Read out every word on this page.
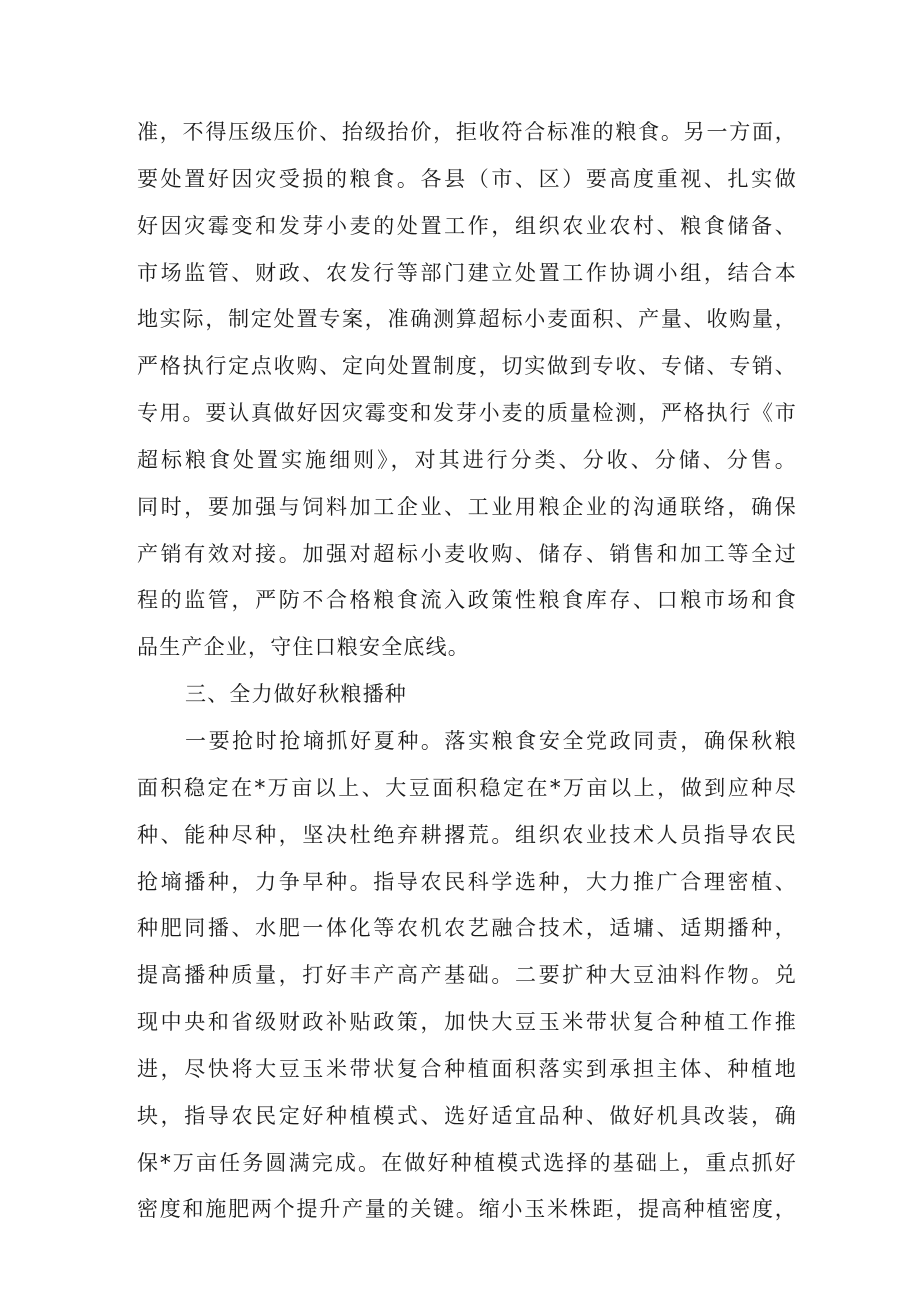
准，不得压级压价、抬级抬价，拒收符合标准的粮食。另一方面，
要处置好因灾受损的粮食。各县（市、区）要高度重视、扎实做
好因灾霉变和发芽小麦的处置工作，组织农业农村、粮食储备、
市场监管、财政、农发行等部门建立处置工作协调小组，结合本
地实际，制定处置专案，准确测算超标小麦面积、产量、收购量，
严格执行定点收购、定向处置制度，切实做到专收、专储、专销、
专用。要认真做好因灾霉变和发芽小麦的质量检测，严格执行《市
超标粮食处置实施细则》，对其进行分类、分收、分储、分售。
同时，要加强与饲料加工企业、工业用粮企业的沟通联络，确保
产销有效对接。加强对超标小麦收购、储存、销售和加工等全过
程的监管，严防不合格粮食流入政策性粮食库存、口粮市场和食
品生产企业，守住口粮安全底线。
三、全力做好秋粮播种
一要抢时抢墒抓好夏种。落实粮食安全党政同责，确保秋粮
面积稳定在*万亩以上、大豆面积稳定在*万亩以上，做到应种尽
种、能种尽种，坚决杜绝弃耕撂荒。组织农业技术人员指导农民
抢墒播种，力争早种。指导农民科学选种，大力推广合理密植、
种肥同播、水肥一体化等农机农艺融合技术，适墉、适期播种，
提高播种质量，打好丰产高产基础。二要扩种大豆油料作物。兑
现中央和省级财政补贴政策，加快大豆玉米带状复合种植工作推
进，尽快将大豆玉米带状复合种植面积落实到承担主体、种植地
块，指导农民定好种植模式、选好适宜品种、做好机具改装，确
保*万亩任务圆满完成。在做好种植模式选择的基础上，重点抓好
密度和施肥两个提升产量的关键。缩小玉米株距，提高种植密度，
